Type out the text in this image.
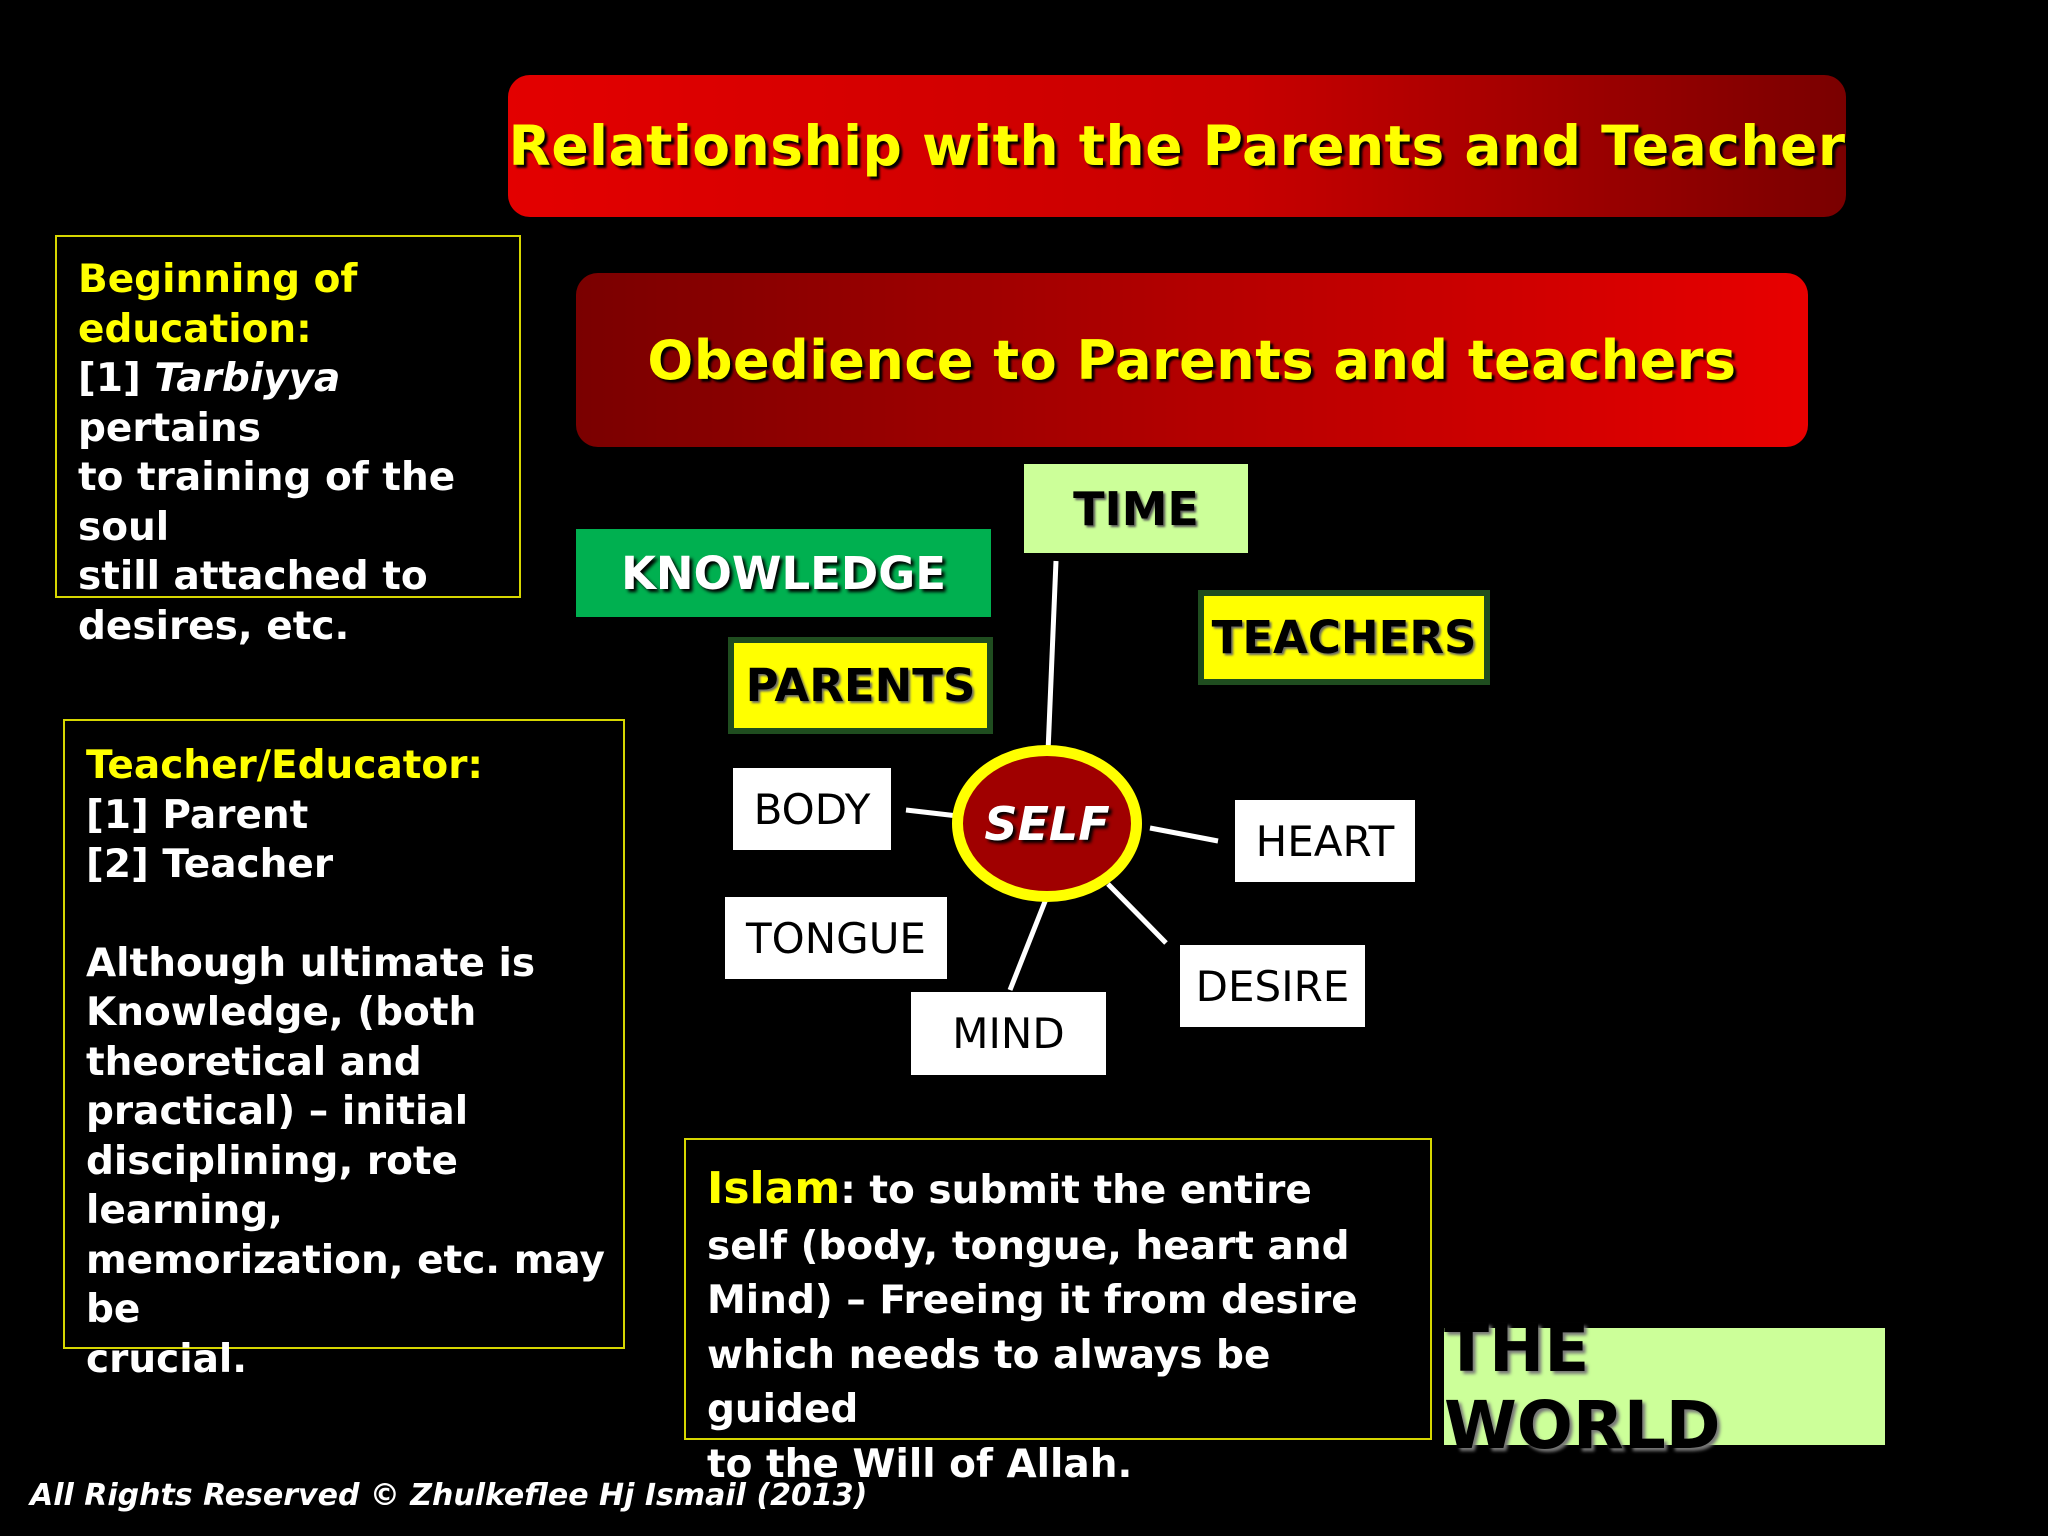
Relationship with the Parents and Teacher
Obedience to Parents and teachers
Beginning of
education:
[1] Tarbiyya pertains
to training of the soul
still attached to
desires, etc.
Teacher/Educator:
[1] Parent
[2] Teacher
Although ultimate is
Knowledge, (both
theoretical and
practical) – initial
disciplining, rote learning,
memorization, etc. may be
crucial.
Islam: to submit the entire
self (body, tongue, heart and
Mind) – Freeing it from desire
which needs to always be guided
to the Will of Allah.
TIME
KNOWLEDGE
PARENTS
TEACHERS
BODY
HEART
TONGUE
DESIRE
MIND
SELF
THE WORLD
All Rights Reserved © Zhulkeflee Hj Ismail (2013)
